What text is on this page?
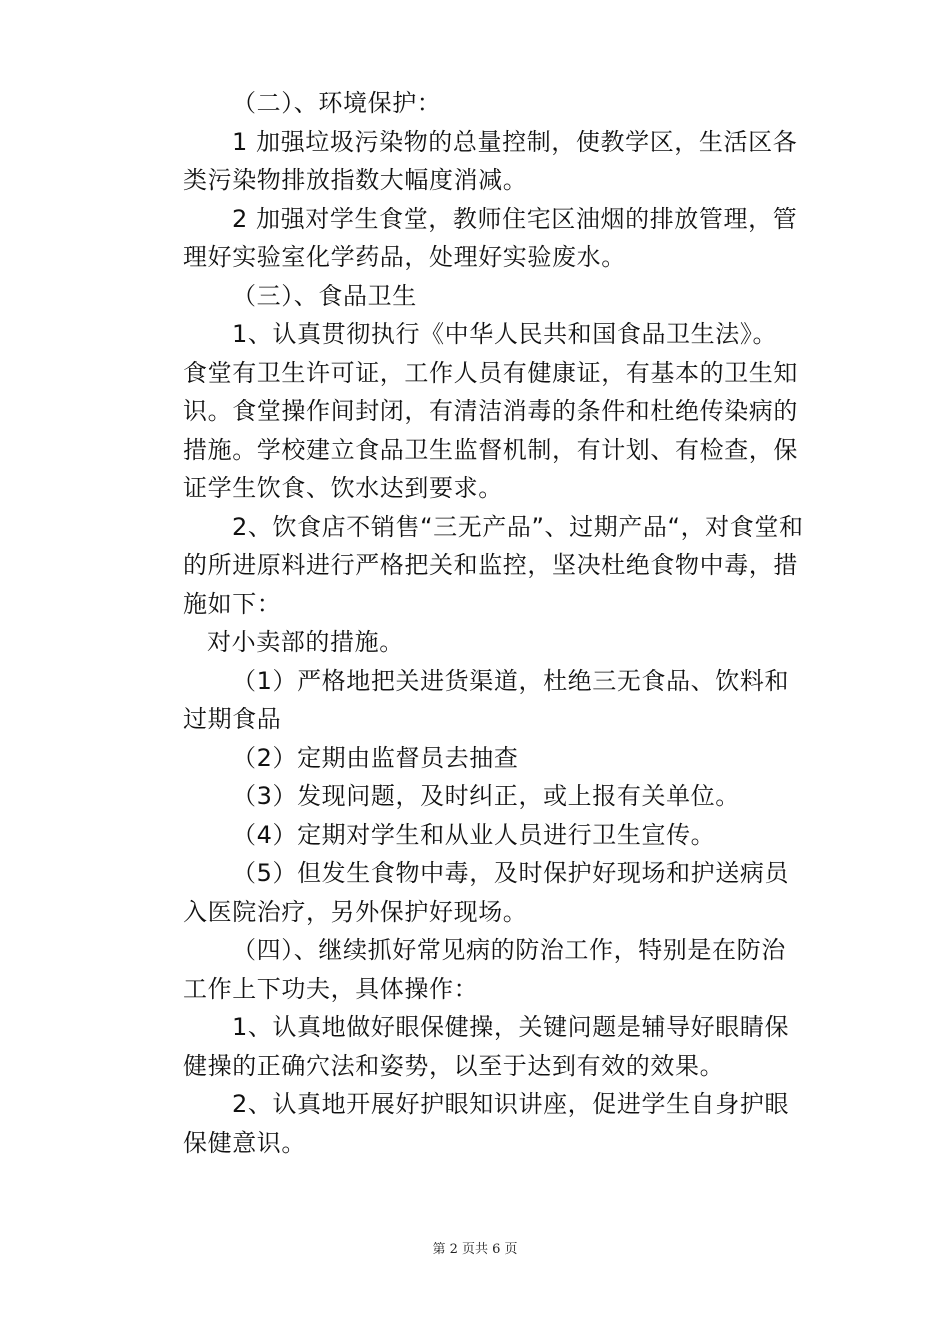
（二）、环境保护：
1 加强垃圾污染物的总量控制，使教学区，生活区各
类污染物排放指数大幅度消减。
2 加强对学生食堂，教师住宅区油烟的排放管理，管
理好实验室化学药品，处理好实验废水。
（三）、食品卫生
1、认真贯彻执行《中华人民共和国食品卫生法》。
食堂有卫生许可证，工作人员有健康证，有基本的卫生知
识。食堂操作间封闭，有清洁消毒的条件和杜绝传染病的
措施。学校建立食品卫生监督机制，有计划、有检查，保
证学生饮食、饮水达到要求。
2、饮食店不销售“三无产品”、过期产品“，对食堂和
的所进原料进行严格把关和监控，坚决杜绝食物中毒，措
施如下：
对小卖部的措施。
（1）严格地把关进货渠道，杜绝三无食品、饮料和
过期食品
（2）定期由监督员去抽查
（3）发现问题，及时纠正，或上报有关单位。
（4）定期对学生和从业人员进行卫生宣传。
（5）但发生食物中毒，及时保护好现场和护送病员
入医院治疗，另外保护好现场。
（四）、继续抓好常见病的防治工作，特别是在防治
工作上下功夫，具体操作：
1、认真地做好眼保健操，关键问题是辅导好眼睛保
健操的正确穴法和姿势，以至于达到有效的效果。
2、认真地开展好护眼知识讲座，促进学生自身护眼
保健意识。
第 2 页共 6 页
